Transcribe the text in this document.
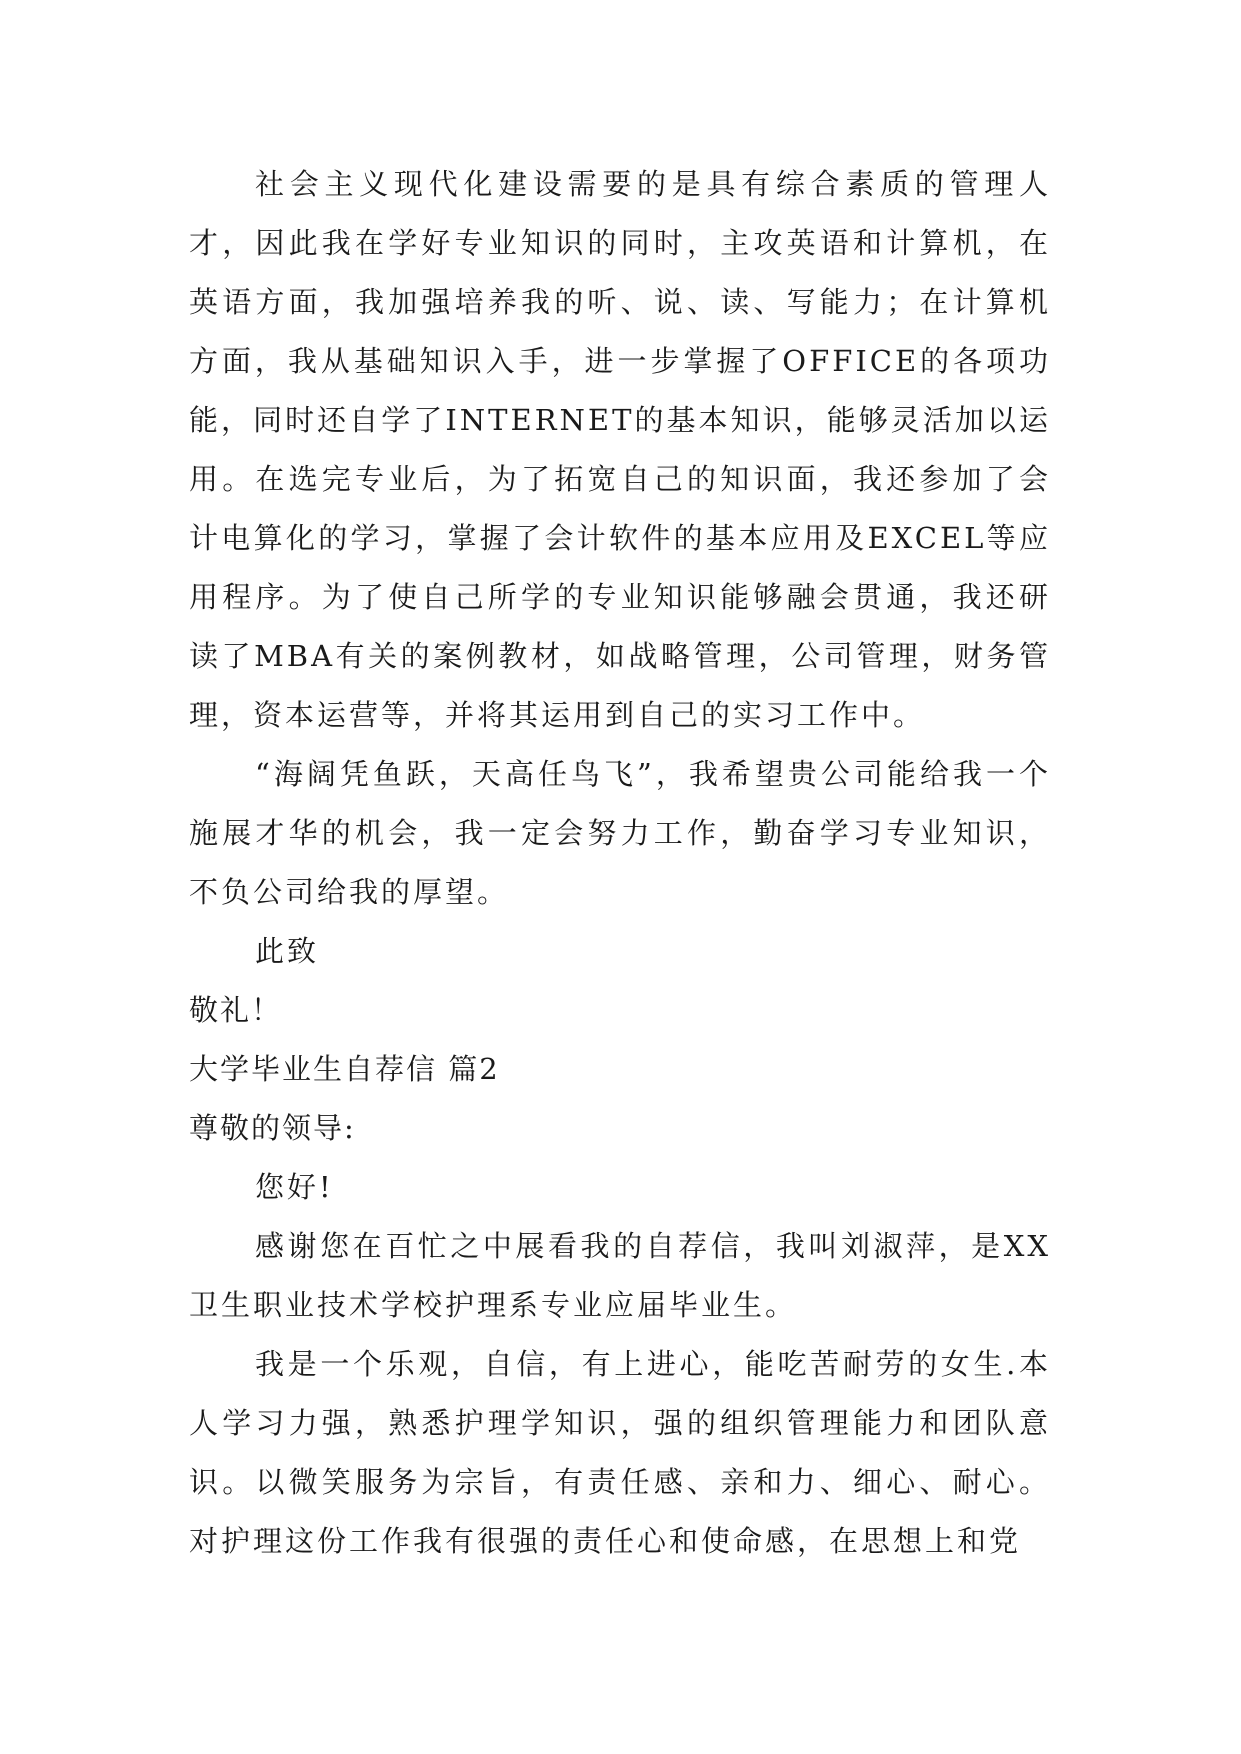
社会主义现代化建设需要的是具有综合素质的管理人才，因此我在学好专业知识的同时，主攻英语和计算机，在英语方面，我加强培养我的听、说、读、写能力；在计算机方面，我从基础知识入手，进一步掌握了OFFICE的各项功能，同时还自学了INTERNET的基本知识，能够灵活加以运用。在选完专业后，为了拓宽自己的知识面，我还参加了会计电算化的学习，掌握了会计软件的基本应用及EXCEL等应用程序。为了使自己所学的专业知识能够融会贯通，我还研读了MBA有关的案例教材，如战略管理，公司管理，财务管理，资本运营等，并将其运用到自己的实习工作中。

“海阔凭鱼跃，天高任鸟飞”，我希望贵公司能给我一个施展才华的机会，我一定会努力工作，勤奋学习专业知识，不负公司给我的厚望。

此致

敬礼！

大学毕业生自荐信 篇2

尊敬的领导:

您好!

感谢您在百忙之中展看我的自荐信，我叫刘淑萍，是XX卫生职业技术学校护理系专业应届毕业生。

我是一个乐观，自信，有上进心，能吃苦耐劳的女生.本人学习力强，熟悉护理学知识，强的组织管理能力和团队意识。以微笑服务为宗旨，有责任感、亲和力、细心、耐心。对护理这份工作我有很强的责任心和使命感，在思想上和党
